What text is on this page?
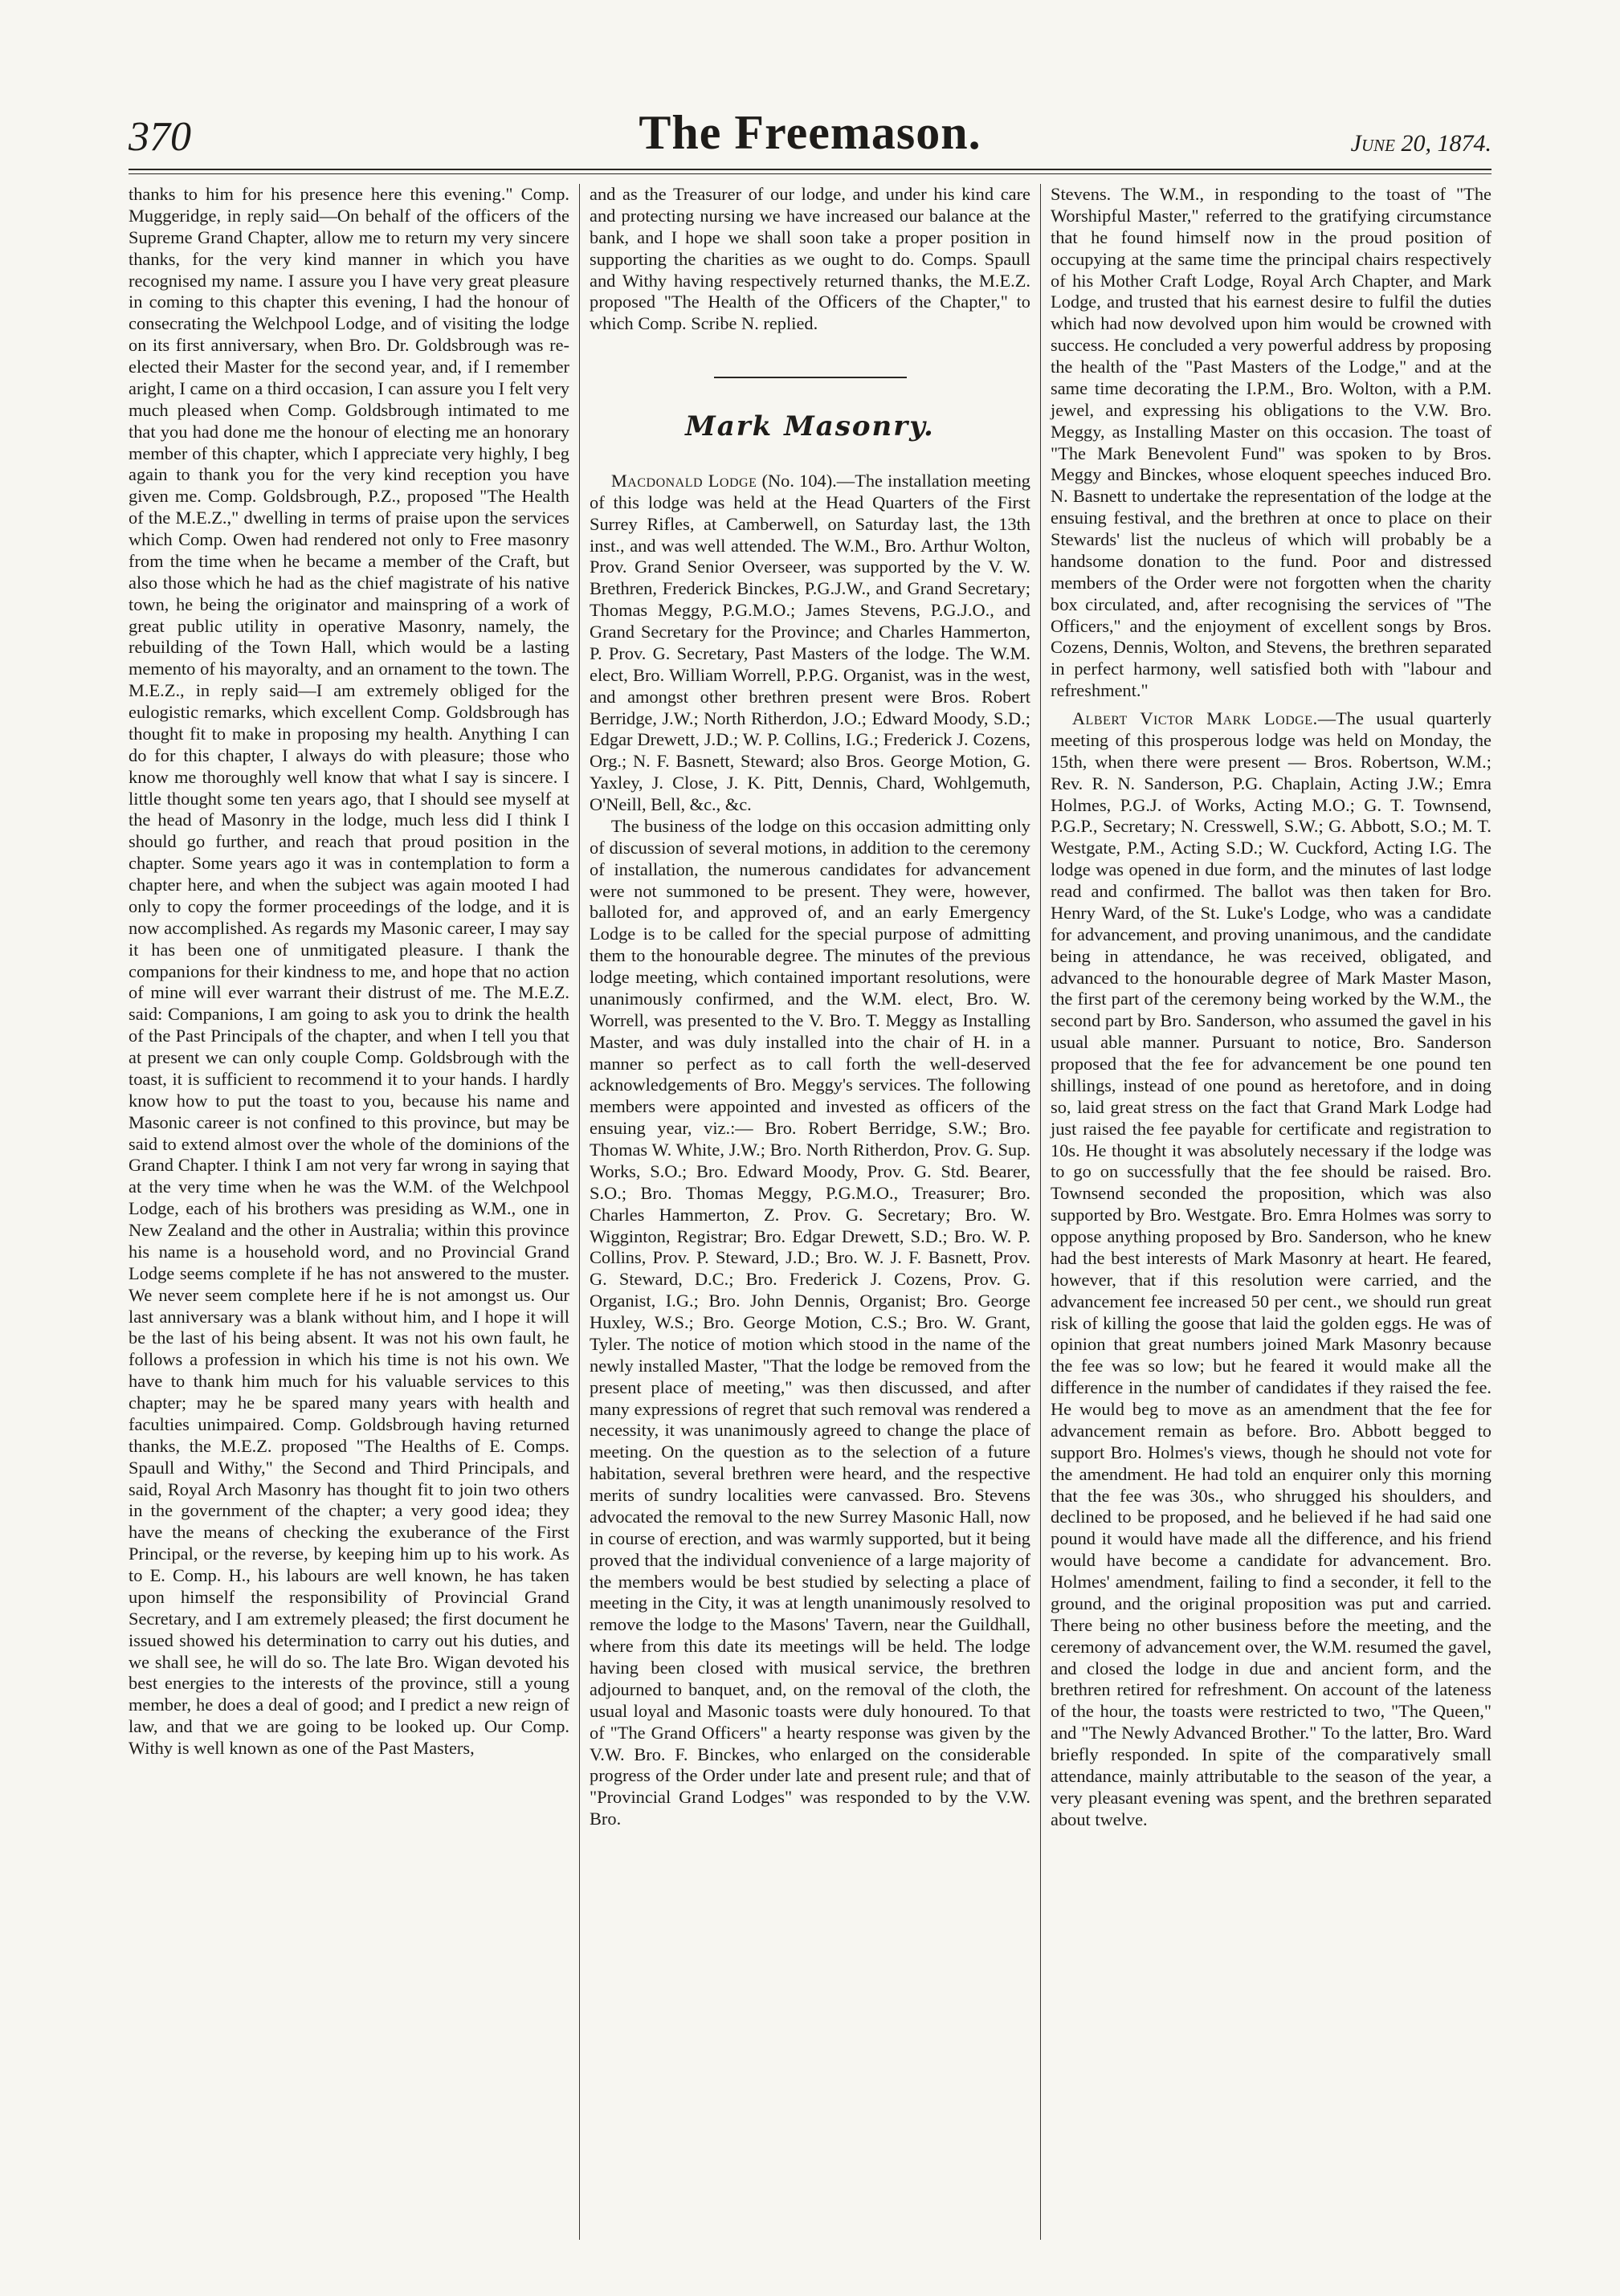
370	The Freemason.	June 20, 1874.

thanks to him for his presence here this evening." Comp. Muggeridge, in reply said—On behalf of the officers of the Supreme Grand Chapter, allow me to return my very sincere thanks, for the very kind manner in which you have recognised my name. I assure you I have very great pleasure in coming to this chapter this evening, I had the honour of consecrating the Welchpool Lodge, and of visiting the lodge on its first anniversary, when Bro. Dr. Goldsbrough was re-elected their Master for the second year, and, if I remember aright, I came on a third occasion, I can assure you I felt very much pleased when Comp. Goldsbrough intimated to me that you had done me the honour of electing me an honorary member of this chapter, which I appreciate very highly, I beg again to thank you for the very kind reception you have given me. Comp. Goldsbrough, P.Z., proposed "The Health of the M.E.Z.," dwelling in terms of praise upon the services which Comp. Owen had rendered not only to Free masonry from the time when he became a member of the Craft, but also those which he had as the chief magistrate of his native town, he being the originator and mainspring of a work of great public utility in operative Masonry, namely, the rebuilding of the Town Hall, which would be a lasting memento of his mayoralty, and an ornament to the town. The M.E.Z., in reply said—I am extremely obliged for the eulogistic remarks, which excellent Comp. Goldsbrough has thought fit to make in proposing my health. Anything I can do for this chapter, I always do with pleasure; those who know me thoroughly well know that what I say is sincere. I little thought some ten years ago, that I should see myself at the head of Masonry in the lodge, much less did I think I should go further, and reach that proud position in the chapter. Some years ago it was in contemplation to form a chapter here, and when the subject was again mooted I had only to copy the former proceedings of the lodge, and it is now accomplished. As regards my Masonic career, I may say it has been one of unmitigated pleasure. I thank the companions for their kindness to me, and hope that no action of mine will ever warrant their distrust of me. The M.E.Z. said: Companions, I am going to ask you to drink the health of the Past Principals of the chapter, and when I tell you that at present we can only couple Comp. Goldsbrough with the toast, it is sufficient to recommend it to your hands. I hardly know how to put the toast to you, because his name and Masonic career is not confined to this province, but may be said to extend almost over the whole of the dominions of the Grand Chapter. I think I am not very far wrong in saying that at the very time when he was the W.M. of the Welchpool Lodge, each of his brothers was presiding as W.M., one in New Zealand and the other in Australia; within this province his name is a household word, and no Provincial Grand Lodge seems complete if he has not answered to the muster. We never seem complete here if he is not amongst us. Our last anniversary was a blank without him, and I hope it will be the last of his being absent. It was not his own fault, he follows a profession in which his time is not his own. We have to thank him much for his valuable services to this chapter; may he be spared many years with health and faculties unimpaired. Comp. Goldsbrough having returned thanks, the M.E.Z. proposed "The Healths of E. Comps. Spaull and Withy," the Second and Third Principals, and said, Royal Arch Masonry has thought fit to join two others in the government of the chapter; a very good idea; they have the means of checking the exuberance of the First Principal, or the reverse, by keeping him up to his work. As to E. Comp. H., his labours are well known, he has taken upon himself the responsibility of Provincial Grand Secretary, and I am extremely pleased; the first document he issued showed his determination to carry out his duties, and we shall see, he will do so. The late Bro. Wigan devoted his best energies to the interests of the province, still a young member, he does a deal of good; and I predict a new reign of law, and that we are going to be looked up. Our Comp. Withy is well known as one of the Past Masters,

and as the Treasurer of our lodge, and under his kind care and protecting nursing we have increased our balance at the bank, and I hope we shall soon take a proper position in supporting the charities as we ought to do. Comps. Spaull and Withy having respectively returned thanks, the M.E.Z. proposed "The Health of the Officers of the Chapter," to which Comp. Scribe N. replied.

Mark Masonry.

Macdonald Lodge (No. 104).—The installation meeting of this lodge was held at the Head Quarters of the First Surrey Rifles, at Camberwell, on Saturday last, the 13th inst., and was well attended. The W.M., Bro. Arthur Wolton, Prov. Grand Senior Overseer, was supported by the V. W. Brethren, Frederick Binckes, P.G.J.W., and Grand Secretary; Thomas Meggy, P.G.M.O.; James Stevens, P.G.J.O., and Grand Secretary for the Province; and Charles Hammerton, P. Prov. G. Secretary, Past Masters of the lodge. The W.M. elect, Bro. William Worrell, P.P.G. Organist, was in the west, and amongst other brethren present were Bros. Robert Berridge, J.W.; North Ritherdon, J.O.; Edward Moody, S.D.; Edgar Drewett, J.D.; W. P. Collins, I.G.; Frederick J. Cozens, Org.; N. F. Basnett, Steward; also Bros. George Motion, G. Yaxley, J. Close, J. K. Pitt, Dennis, Chard, Wohlgemuth, O'Neill, Bell, &c., &c.

The business of the lodge on this occasion admitting only of discussion of several motions, in addition to the ceremony of installation, the numerous candidates for advancement were not summoned to be present. They were, however, balloted for, and approved of, and an early Emergency Lodge is to be called for the special purpose of admitting them to the honourable degree. The minutes of the previous lodge meeting, which contained important resolutions, were unanimously confirmed, and the W.M. elect, Bro. W. Worrell, was presented to the V. Bro. T. Meggy as Installing Master, and was duly installed into the chair of H. in a manner so perfect as to call forth the well-deserved acknowledgements of Bro. Meggy's services. The following members were appointed and invested as officers of the ensuing year, viz.:— Bro. Robert Berridge, S.W.; Bro. Thomas W. White, J.W.; Bro. North Ritherdon, Prov. G. Sup. Works, S.O.; Bro. Edward Moody, Prov. G. Std. Bearer, S.O.; Bro. Thomas Meggy, P.G.M.O., Treasurer; Bro. Charles Hammerton, Z. Prov. G. Secretary; Bro. W. Wigginton, Registrar; Bro. Edgar Drewett, S.D.; Bro. W. P. Collins, Prov. P. Steward, J.D.; Bro. W. J. F. Basnett, Prov. G. Steward, D.C.; Bro. Frederick J. Cozens, Prov. G. Organist, I.G.; Bro. John Dennis, Organist; Bro. George Huxley, W.S.; Bro. George Motion, C.S.; Bro. W. Grant, Tyler. The notice of motion which stood in the name of the newly installed Master, "That the lodge be removed from the present place of meeting," was then discussed, and after many expressions of regret that such removal was rendered a necessity, it was unanimously agreed to change the place of meeting. On the question as to the selection of a future habitation, several brethren were heard, and the respective merits of sundry localities were canvassed. Bro. Stevens advocated the removal to the new Surrey Masonic Hall, now in course of erection, and was warmly supported, but it being proved that the individual convenience of a large majority of the members would be best studied by selecting a place of meeting in the City, it was at length unanimously resolved to remove the lodge to the Masons' Tavern, near the Guildhall, where from this date its meetings will be held. The lodge having been closed with musical service, the brethren adjourned to banquet, and, on the removal of the cloth, the usual loyal and Masonic toasts were duly honoured. To that of "The Grand Officers" a hearty response was given by the V.W. Bro. F. Binckes, who enlarged on the considerable progress of the Order under late and present rule; and that of "Provincial Grand Lodges" was responded to by the V.W. Bro.

Stevens. The W.M., in responding to the toast of "The Worshipful Master," referred to the gratifying circumstance that he found himself now in the proud position of occupying at the same time the principal chairs respectively of his Mother Craft Lodge, Royal Arch Chapter, and Mark Lodge, and trusted that his earnest desire to fulfil the duties which had now devolved upon him would be crowned with success. He concluded a very powerful address by proposing the health of the "Past Masters of the Lodge," and at the same time decorating the I.P.M., Bro. Wolton, with a P.M. jewel, and expressing his obligations to the V.W. Bro. Meggy, as Installing Master on this occasion. The toast of "The Mark Benevolent Fund" was spoken to by Bros. Meggy and Binckes, whose eloquent speeches induced Bro. N. Basnett to undertake the representation of the lodge at the ensuing festival, and the brethren at once to place on their Stewards' list the nucleus of which will probably be a handsome donation to the fund. Poor and distressed members of the Order were not forgotten when the charity box circulated, and, after recognising the services of "The Officers," and the enjoyment of excellent songs by Bros. Cozens, Dennis, Wolton, and Stevens, the brethren separated in perfect harmony, well satisfied both with "labour and refreshment."

Albert Victor Mark Lodge.—The usual quarterly meeting of this prosperous lodge was held on Monday, the 15th, when there were present — Bros. Robertson, W.M.; Rev. R. N. Sanderson, P.G. Chaplain, Acting J.W.; Emra Holmes, P.G.J. of Works, Acting M.O.; G. T. Townsend, P.G.P., Secretary; N. Cresswell, S.W.; G. Abbott, S.O.; M. T. Westgate, P.M., Acting S.D.; W. Cuckford, Acting I.G. The lodge was opened in due form, and the minutes of last lodge read and confirmed. The ballot was then taken for Bro. Henry Ward, of the St. Luke's Lodge, who was a candidate for advancement, and proving unanimous, and the candidate being in attendance, he was received, obligated, and advanced to the honourable degree of Mark Master Mason, the first part of the ceremony being worked by the W.M., the second part by Bro. Sanderson, who assumed the gavel in his usual able manner. Pursuant to notice, Bro. Sanderson proposed that the fee for advancement be one pound ten shillings, instead of one pound as heretofore, and in doing so, laid great stress on the fact that Grand Mark Lodge had just raised the fee payable for certificate and registration to 10s. He thought it was absolutely necessary if the lodge was to go on successfully that the fee should be raised. Bro. Townsend seconded the proposition, which was also supported by Bro. Westgate. Bro. Emra Holmes was sorry to oppose anything proposed by Bro. Sanderson, who he knew had the best interests of Mark Masonry at heart. He feared, however, that if this resolution were carried, and the advancement fee increased 50 per cent., we should run great risk of killing the goose that laid the golden eggs. He was of opinion that great numbers joined Mark Masonry because the fee was so low; but he feared it would make all the difference in the number of candidates if they raised the fee. He would beg to move as an amendment that the fee for advancement remain as before. Bro. Abbott begged to support Bro. Holmes's views, though he should not vote for the amendment. He had told an enquirer only this morning that the fee was 30s., who shrugged his shoulders, and declined to be proposed, and he believed if he had said one pound it would have made all the difference, and his friend would have become a candidate for advancement. Bro. Holmes' amendment, failing to find a seconder, it fell to the ground, and the original proposition was put and carried. There being no other business before the meeting, and the ceremony of advancement over, the W.M. resumed the gavel, and closed the lodge in due and ancient form, and the brethren retired for refreshment. On account of the lateness of the hour, the toasts were restricted to two, "The Queen," and "The Newly Advanced Brother." To the latter, Bro. Ward briefly responded. In spite of the comparatively small attendance, mainly attributable to the season of the year, a very pleasant evening was spent, and the brethren separated about twelve.
